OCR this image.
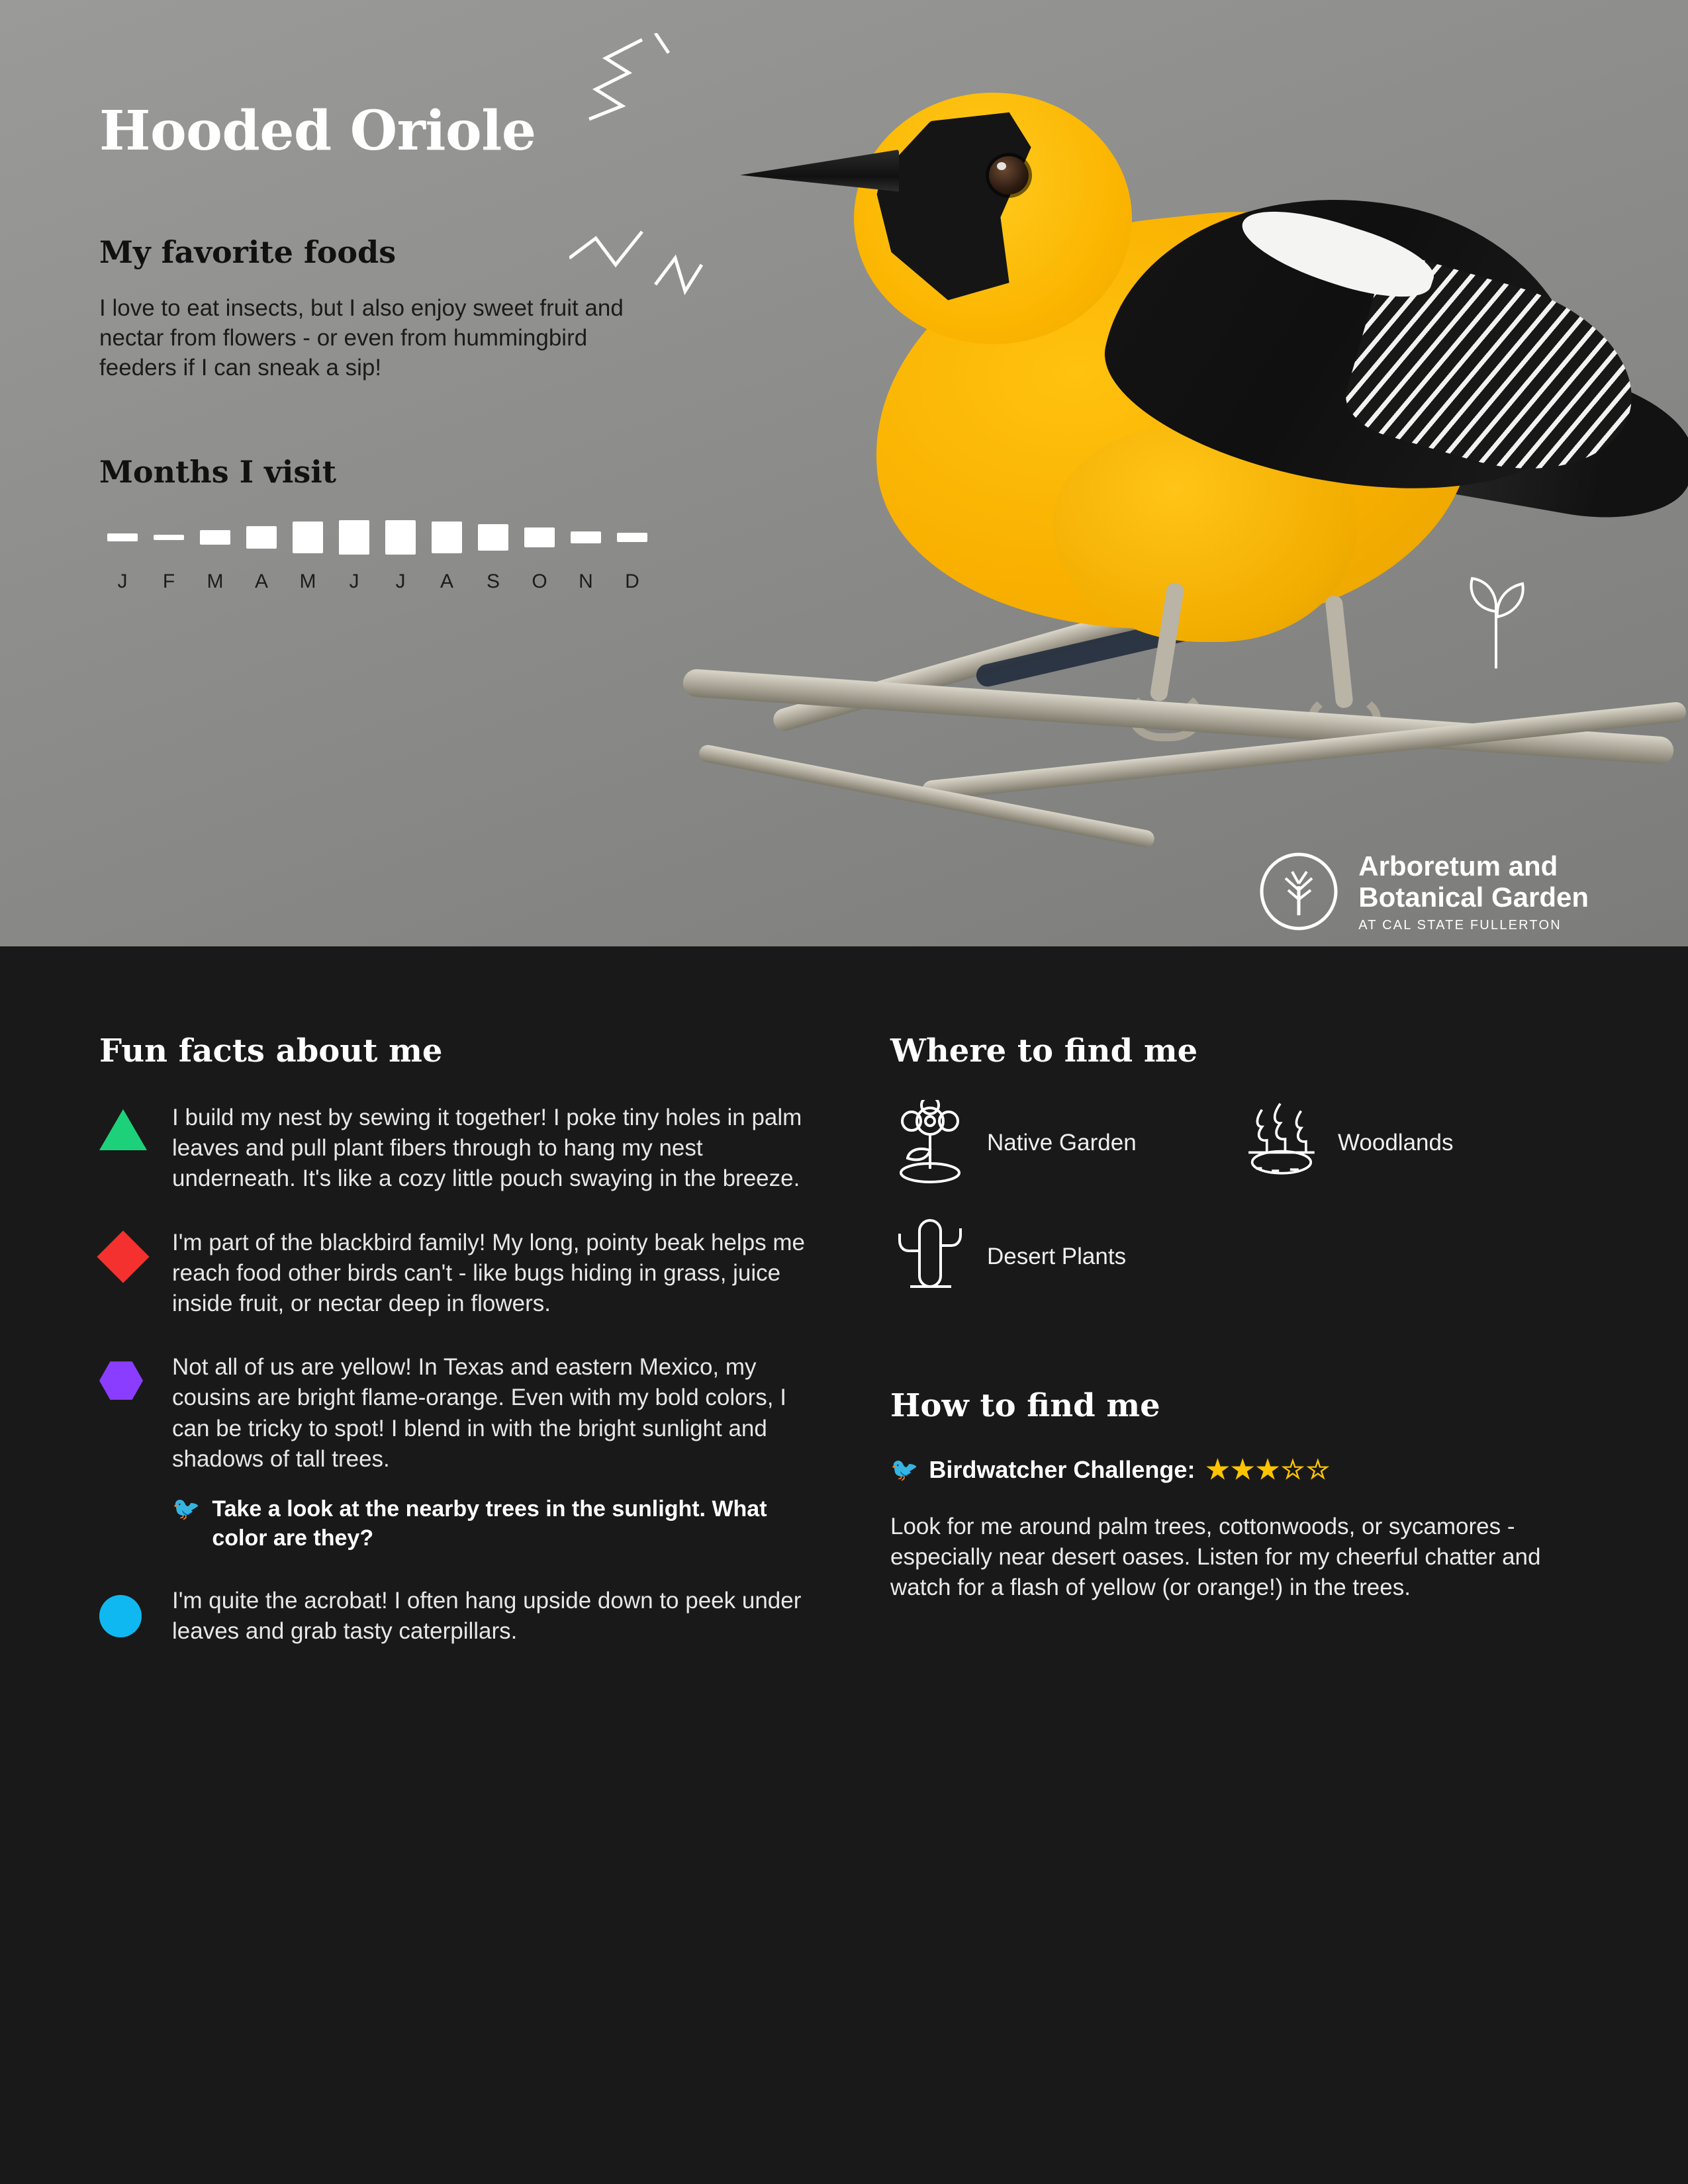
Hooded Oriole
My favorite foods

I love to eat insects, but I also enjoy sweet fruit and nectar from flowers - or even from hummingbird feeders if I can sneak a sip!

Months I visit
J	F	M	A	M	J	J	A	S	O	N	D
Fun facts about me
I build my nest by sewing it together! I poke tiny holes in palm leaves and pull plant fibers through to hang my nest underneath. It's like a cozy little pouch swaying in the breeze.
I'm part of the blackbird family! My long, pointy beak helps me reach food other birds can't - like bugs hiding in grass, juice inside fruit, or nectar deep in flowers.
Not all of us are yellow! In Texas and eastern Mexico, my cousins are bright flame-orange. Even with my bold colors, I can be tricky to spot! I blend in with the bright sunlight and shadows of tall trees.
🐦 Take a look at the nearby trees in the sunlight. What color are they?
I'm quite the acrobat! I often hang upside down to peek under leaves and grab tasty caterpillars.
Where to find me
Native Garden	Woodlands
Desert Plants
How to find me
🐦 Birdwatcher Challenge: ★★★☆☆

Look for me around palm trees, cottonwoods, or sycamores - especially near desert oases. Listen for my cheerful chatter and watch for a flash of yellow (or orange!) in the trees.

Arboretum and
Botanical Garden
AT CAL STATE FULLERTON
